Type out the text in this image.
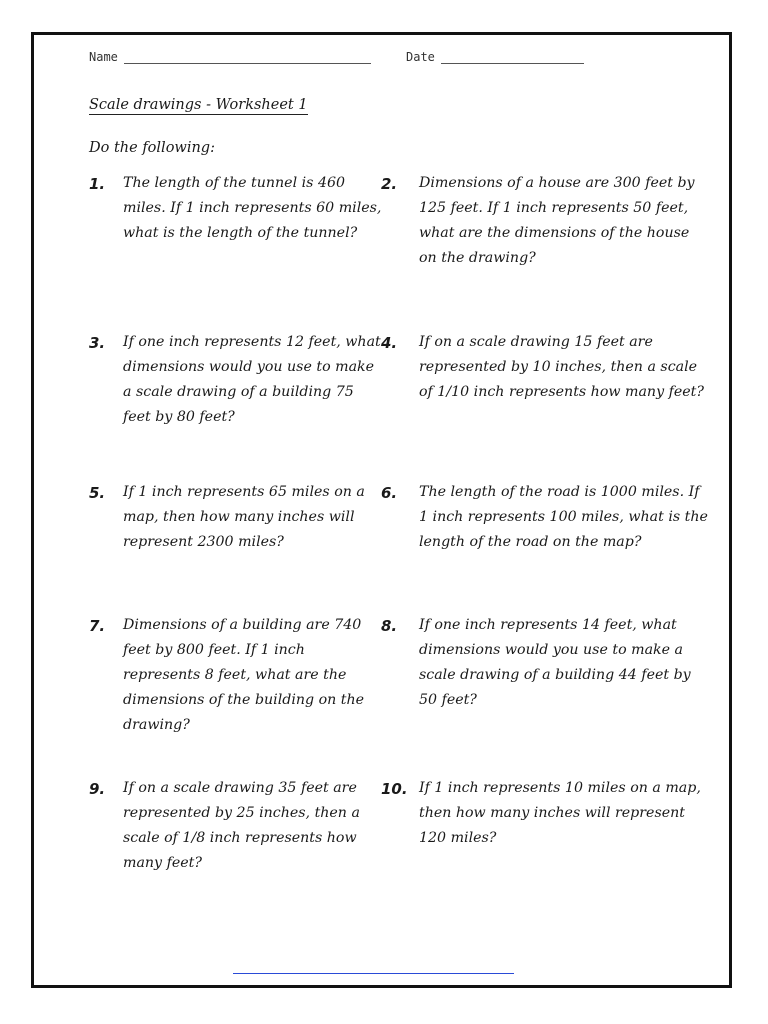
Name	Date
Scale drawings - Worksheet 1
Do the following:
1. The length of the tunnel is 460 miles. If 1 inch represents 60 miles, what is the length of the tunnel?
2. Dimensions of a house are 300 feet by 125 feet. If 1 inch represents 50 feet, what are the dimensions of the house on the drawing?
3. If one inch represents 12 feet, what dimensions would you use to make a scale drawing of a building 75 feet by 80 feet?
4. If on a scale drawing 15 feet are represented by 10 inches, then a scale of 1/10 inch represents how many feet?
5. If 1 inch represents 65 miles on a map, then how many inches will represent 2300 miles?
6. The length of the road is 1000 miles. If 1 inch represents 100 miles, what is the length of the road on the map?
7. Dimensions of a building are 740 feet by 800 feet. If 1 inch represents 8 feet, what are the dimensions of the building on the drawing?
8. If one inch represents 14 feet, what dimensions would you use to make a scale drawing of a building 44 feet by 50 feet?
9. If on a scale drawing 35 feet are represented by 25 inches, then a scale of 1/8 inch represents how many feet?
10. If 1 inch represents 10 miles on a map, then how many inches will represent 120 miles?
